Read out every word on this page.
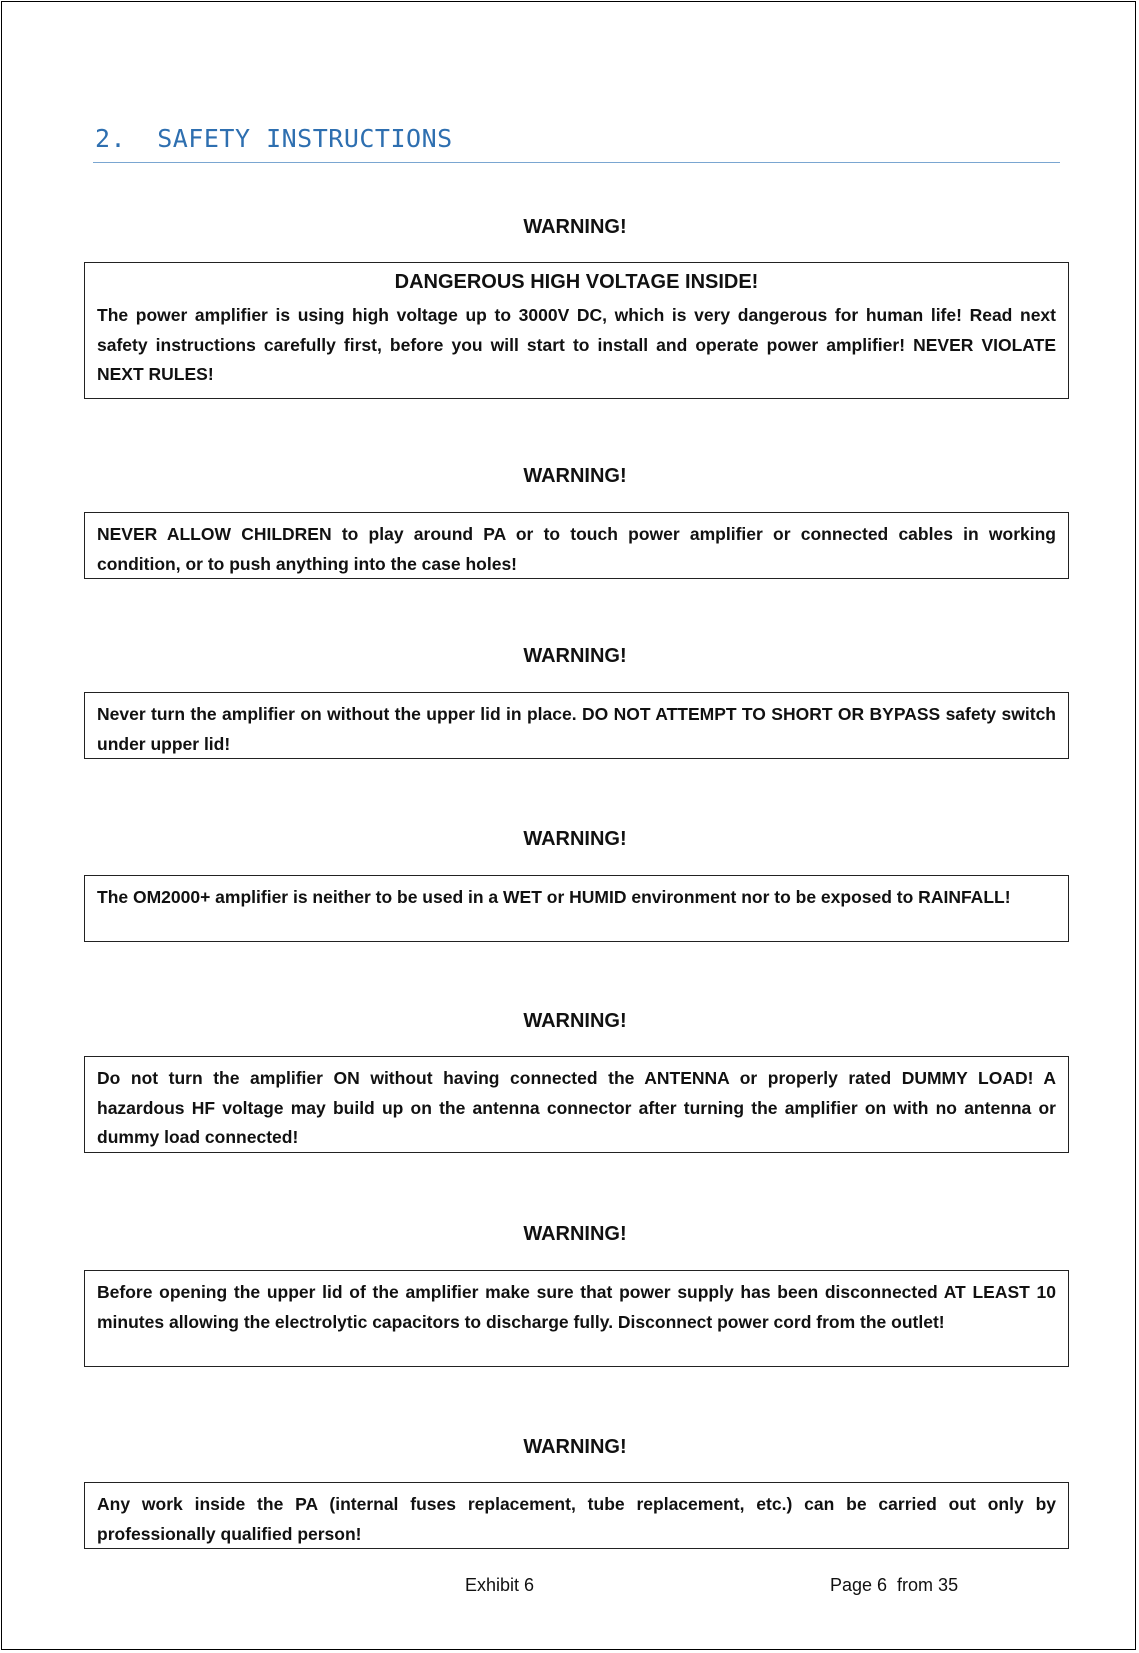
2.  SAFETY INSTRUCTIONS
WARNING!

DANGEROUS HIGH VOLTAGE INSIDE!

The power amplifier is using high voltage up to 3000V DC, which is very dangerous for human life! Read next safety instructions carefully first, before you will start to install and operate power amplifier! NEVER VIOLATE NEXT RULES!

WARNING!

NEVER ALLOW CHILDREN to play around PA or to touch power amplifier or connected cables in working condition, or to push anything into the case holes!

WARNING!

Never turn the amplifier on without the upper lid in place. DO NOT ATTEMPT TO SHORT OR BYPASS safety switch under upper lid!

WARNING!

The OM2000+ amplifier is neither to be used in a WET or HUMID environment nor to be exposed to RAINFALL!

WARNING!

Do not turn the amplifier ON without having connected the ANTENNA or properly rated DUMMY LOAD! A hazardous HF voltage may build up on the antenna connector after turning the amplifier on with no antenna or dummy load connected!

WARNING!

Before opening the upper lid of the amplifier make sure that power supply has been disconnected AT LEAST 10 minutes allowing the electrolytic capacitors to discharge fully. Disconnect power cord from the outlet!

WARNING!

Any work inside the PA (internal fuses replacement, tube replacement, etc.) can be carried out only by professionally qualified person!

Exhibit 6	Page 6  from 35
